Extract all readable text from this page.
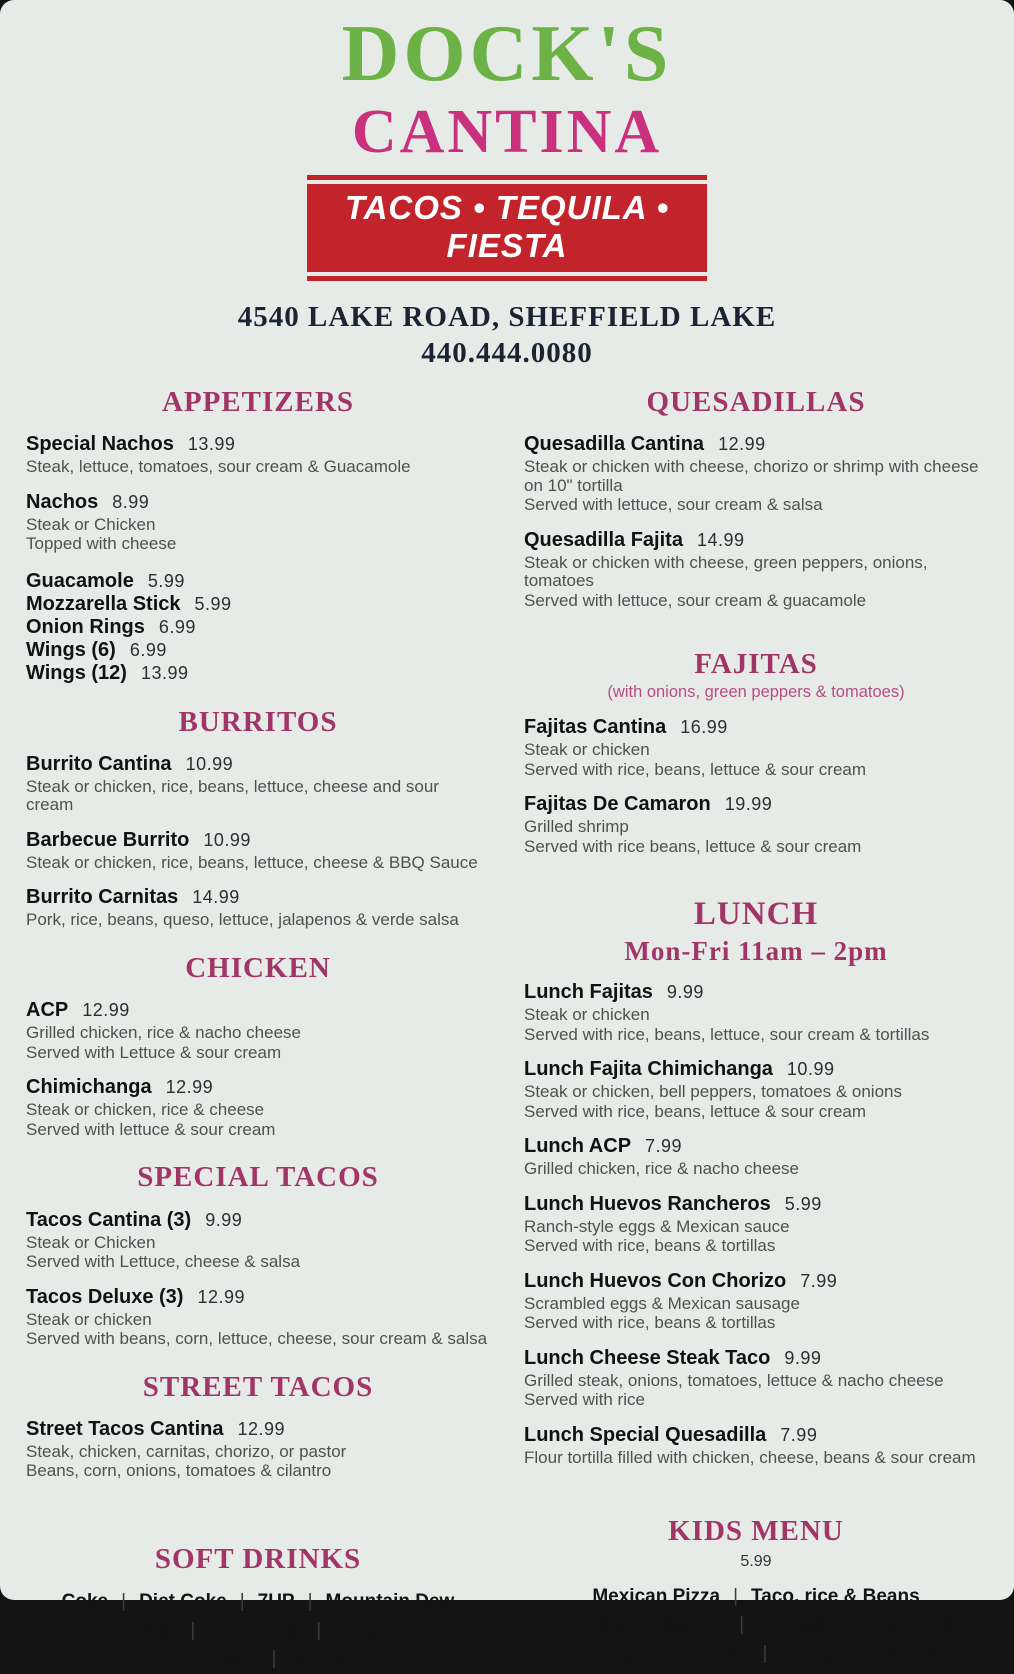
DOCK'S
CANTINA
TACOS • TEQUILA • FIESTA
4540 LAKE ROAD, SHEFFIELD LAKE
440.444.0080
APPETIZERS
Special Nachos 13.99
Steak, lettuce, tomatoes, sour cream & Guacamole
Nachos 8.99
Steak or Chicken
Topped with cheese
Guacamole 5.99
Mozzarella Stick 5.99
Onion Rings 6.99
Wings (6) 6.99
Wings (12) 13.99
BURRITOS
Burrito Cantina 10.99
Steak or chicken, rice, beans, lettuce, cheese and sour cream
Barbecue Burrito 10.99
Steak or chicken, rice, beans, lettuce, cheese & BBQ Sauce
Burrito Carnitas 14.99
Pork, rice, beans, queso, lettuce, jalapenos & verde salsa
CHICKEN
ACP 12.99
Grilled chicken, rice & nacho cheese
Served with Lettuce & sour cream
Chimichanga 12.99
Steak or chicken, rice & cheese
Served with lettuce & sour cream
SPECIAL TACOS
Tacos Cantina (3) 9.99
Steak or Chicken
Served with Lettuce, cheese & salsa
Tacos Deluxe (3) 12.99
Steak or chicken
Served with beans, corn, lettuce, cheese, sour cream & salsa
STREET TACOS
Street Tacos Cantina 12.99
Steak, chicken, carnitas, chorizo, or pastor
Beans, corn, onions, tomatoes & cilantro
SOFT DRINKS
Coke | Diet Coke | 7UP | Mountain Dew
Root Beer | Dr. Pepper | Ginger Ale
Lemonade | Ice Tea
QUESADILLAS
Quesadilla Cantina 12.99
Steak or chicken with cheese, chorizo or shrimp with cheese on 10" tortilla
Served with lettuce, sour cream & salsa
Quesadilla Fajita 14.99
Steak or chicken with cheese, green peppers, onions, tomatoes
Served with lettuce, sour cream & guacamole
FAJITAS
(with onions, green peppers & tomatoes)
Fajitas Cantina 16.99
Steak or chicken
Served with rice, beans, lettuce & sour cream
Fajitas De Camaron 19.99
Grilled shrimp
Served with rice beans, lettuce & sour cream
LUNCH
Mon-Fri 11am – 2pm
Lunch Fajitas 9.99
Steak or chicken
Served with rice, beans, lettuce, sour cream & tortillas
Lunch Fajita Chimichanga 10.99
Steak or chicken, bell peppers, tomatoes & onions
Served with rice, beans, lettuce & sour cream
Lunch ACP 7.99
Grilled chicken, rice & nacho cheese
Lunch Huevos Rancheros 5.99
Ranch-style eggs & Mexican sauce
Served with rice, beans & tortillas
Lunch Huevos Con Chorizo 7.99
Scrambled eggs & Mexican sausage
Served with rice, beans & tortillas
Lunch Cheese Steak Taco 9.99
Grilled steak, onions, tomatoes, lettuce & nacho cheese
Served with rice
Lunch Special Quesadilla 7.99
Flour tortilla filled with chicken, cheese, beans & sour cream
KIDS MENU
5.99
Mexican Pizza | Taco, rice & Beans
Cheese Quesadilla | Cheeseburger & Fries
Chicken tenders & fries | Grilled chicken & rice
